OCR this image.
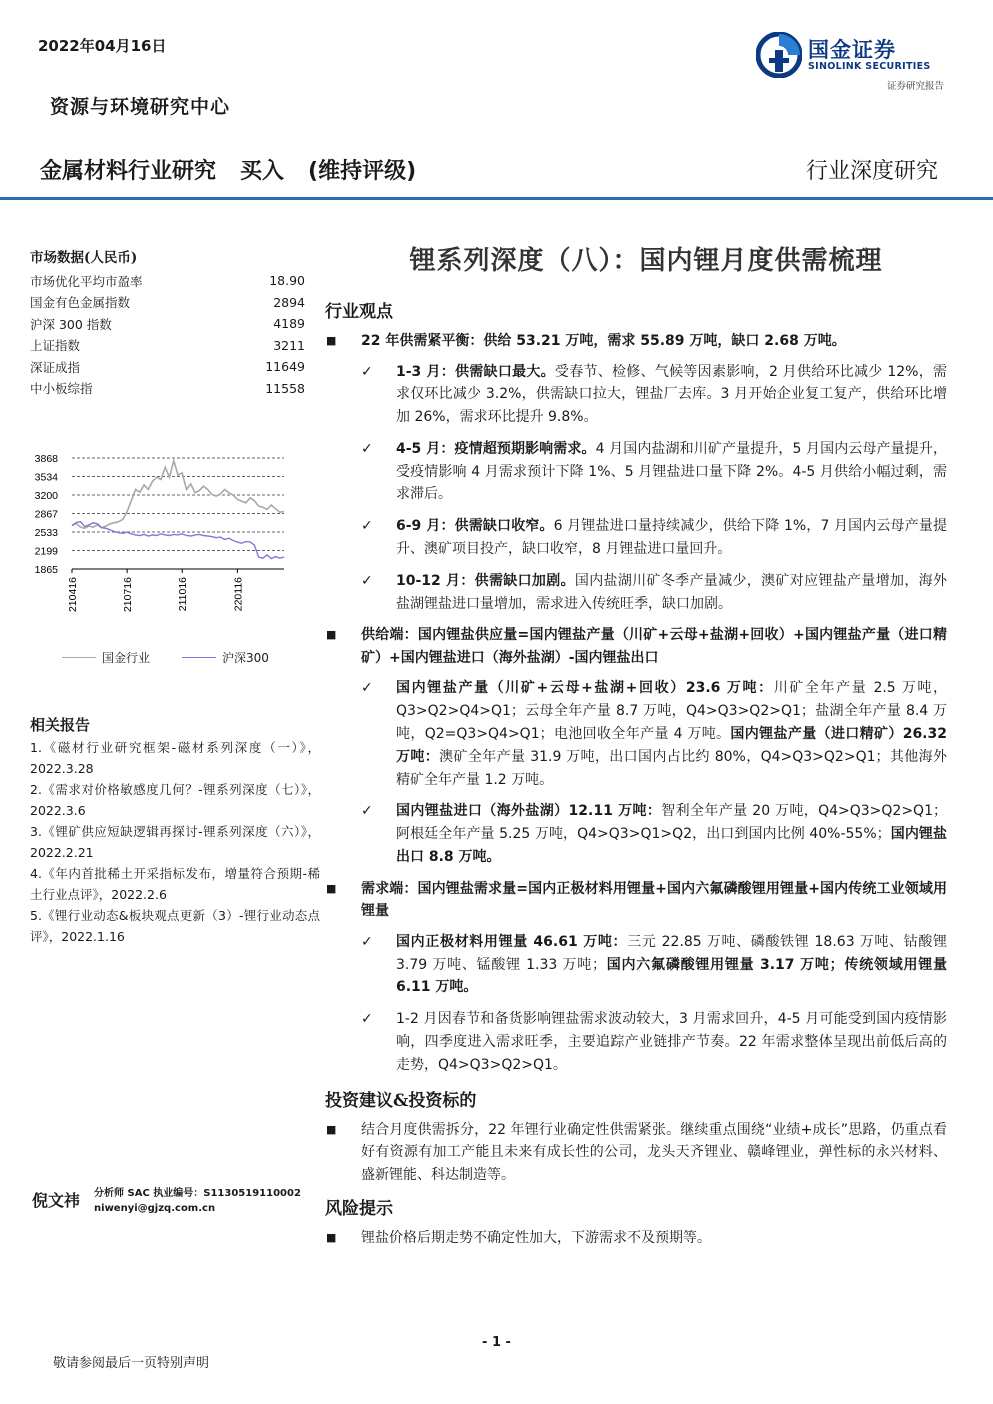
2022年04月16日
资源与环境研究中心
国金证券
SINOLINK SECURITIES
证券研究报告
金属材料行业研究 买入 (维持评级)	行业深度研究
市场数据(人民币)
市场优化平均市盈率	18.90
国金有色金属指数	2894
沪深 300 指数	4189
上证指数	3211
深证成指	11649
中小板综指	11558
1865
2199
2533
2867
3200
3534
3868
210416	210716	211016	220116
国金行业	沪深300
相关报告
1.《磁材行业研究框架-磁材系列深度（一）》，2022.3.28
2.《需求对价格敏感度几何？-锂系列深度（七）》，2022.3.6
3.《锂矿供应短缺逻辑再探讨-锂系列深度（六）》，2022.2.21
4.《年内首批稀土开采指标发布，增量符合预期-稀土行业点评》，2022.2.6
5.《锂行业动态&板块观点更新（3）-锂行业动态点评》，2022.1.16
倪文祎 分析师 SAC 执业编号：S1130519110002
niwenyi@gjzq.com.cn
锂系列深度（八）：国内锂月度供需梳理
行业观点
■ 22 年供需紧平衡：供给 53.21 万吨，需求 55.89 万吨，缺口 2.68 万吨。
✓ 1-3 月：供需缺口最大。受春节、检修、气候等因素影响，2 月供给环比减少 12%，需求仅环比减少 3.2%，供需缺口拉大，锂盐厂去库。3 月开始企业复工复产，供给环比增加 26%，需求环比提升 9.8%。
✓ 4-5 月：疫情超预期影响需求。4 月国内盐湖和川矿产量提升，5 月国内云母产量提升，受疫情影响 4 月需求预计下降 1%、5 月锂盐进口量下降 2%。4-5 月供给小幅过剩，需求滞后。
✓ 6-9 月：供需缺口收窄。6 月锂盐进口量持续减少，供给下降 1%，7 月国内云母产量提升、澳矿项目投产，缺口收窄，8 月锂盐进口量回升。
✓ 10-12 月：供需缺口加剧。国内盐湖川矿冬季产量减少，澳矿对应锂盐产量增加，海外盐湖锂盐进口量增加，需求进入传统旺季，缺口加剧。
■ 供给端：国内锂盐供应量=国内锂盐产量（川矿+云母+盐湖+回收）+国内锂盐产量（进口精矿）+国内锂盐进口（海外盐湖）-国内锂盐出口
✓ 国内锂盐产量（川矿+云母+盐湖+回收）23.6 万吨：川矿全年产量 2.5 万吨，Q3>Q2>Q4>Q1；云母全年产量 8.7 万吨，Q4>Q3>Q2>Q1；盐湖全年产量 8.4 万吨，Q2=Q3>Q4>Q1；电池回收全年产量 4 万吨。国内锂盐产量（进口精矿）26.32 万吨：澳矿全年产量 31.9 万吨，出口国内占比约 80%，Q4>Q3>Q2>Q1；其他海外精矿全年产量 1.2 万吨。
✓ 国内锂盐进口（海外盐湖）12.11 万吨：智利全年产量 20 万吨，Q4>Q3>Q2>Q1；阿根廷全年产量 5.25 万吨，Q4>Q3>Q1>Q2，出口到国内比例 40%-55%；国内锂盐出口 8.8 万吨。
■ 需求端：国内锂盐需求量=国内正极材料用锂量+国内六氟磷酸锂用锂量+国内传统工业领域用锂量
✓ 国内正极材料用锂量 46.61 万吨：三元 22.85 万吨、磷酸铁锂 18.63 万吨、钴酸锂 3.79 万吨、锰酸锂 1.33 万吨；国内六氟磷酸锂用锂量 3.17 万吨；传统领域用锂量 6.11 万吨。
✓ 1-2 月因春节和备货影响锂盐需求波动较大，3 月需求回升，4-5 月可能受到国内疫情影响，四季度进入需求旺季，主要追踪产业链排产节奏。22 年需求整体呈现出前低后高的走势，Q4>Q3>Q2>Q1。
投资建议&投资标的
■ 结合月度供需拆分，22 年锂行业确定性供需紧张。继续重点围绕“业绩+成长”思路，仍重点看好有资源有加工产能且未来有成长性的公司，龙头天齐锂业、赣峰锂业，弹性标的永兴材料、盛新锂能、科达制造等。
风险提示
■ 锂盐价格后期走势不确定性加大，下游需求不及预期等。
- 1 -
敬请参阅最后一页特别声明
